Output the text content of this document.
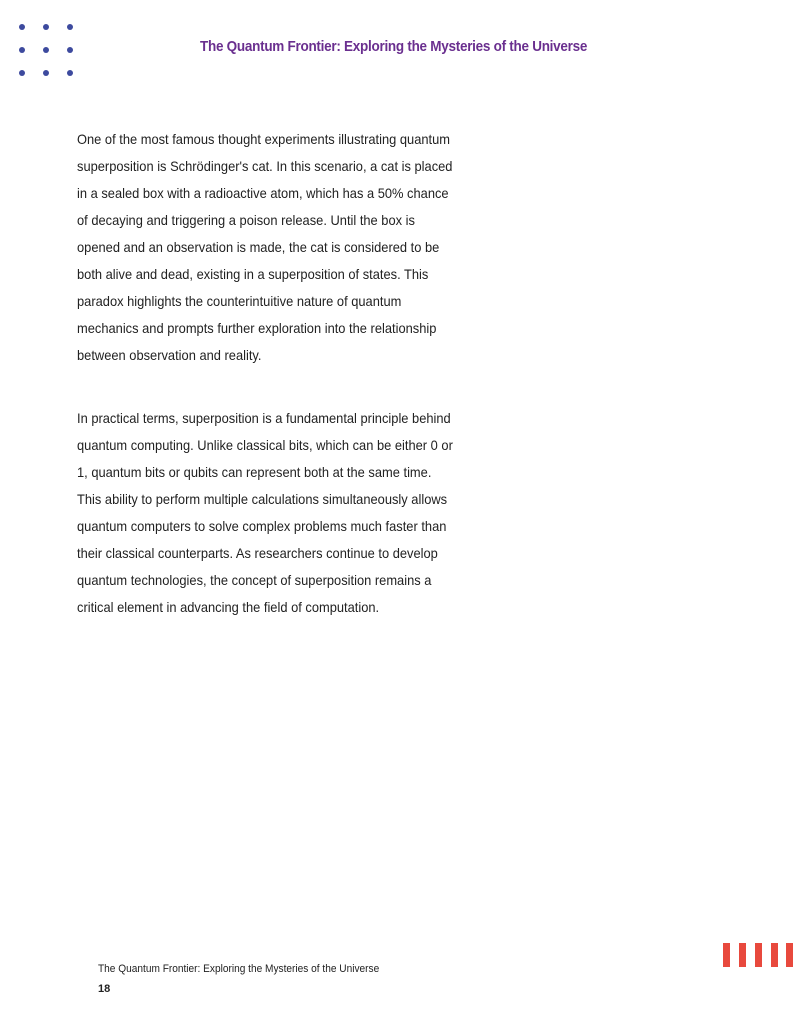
The Quantum Frontier: Exploring the Mysteries of the Universe

One of the most famous thought experiments illustrating quantum
superposition is Schrödinger's cat. In this scenario, a cat is placed
in a sealed box with a radioactive atom, which has a 50% chance
of decaying and triggering a poison release. Until the box is
opened and an observation is made, the cat is considered to be
both alive and dead, existing in a superposition of states. This
paradox highlights the counterintuitive nature of quantum
mechanics and prompts further exploration into the relationship
between observation and reality.

In practical terms, superposition is a fundamental principle behind
quantum computing. Unlike classical bits, which can be either 0 or
1, quantum bits or qubits can represent both at the same time.
This ability to perform multiple calculations simultaneously allows
quantum computers to solve complex problems much faster than
their classical counterparts. As researchers continue to develop
quantum technologies, the concept of superposition remains a
critical element in advancing the field of computation.

The Quantum Frontier: Exploring the Mysteries of the Universe
18
